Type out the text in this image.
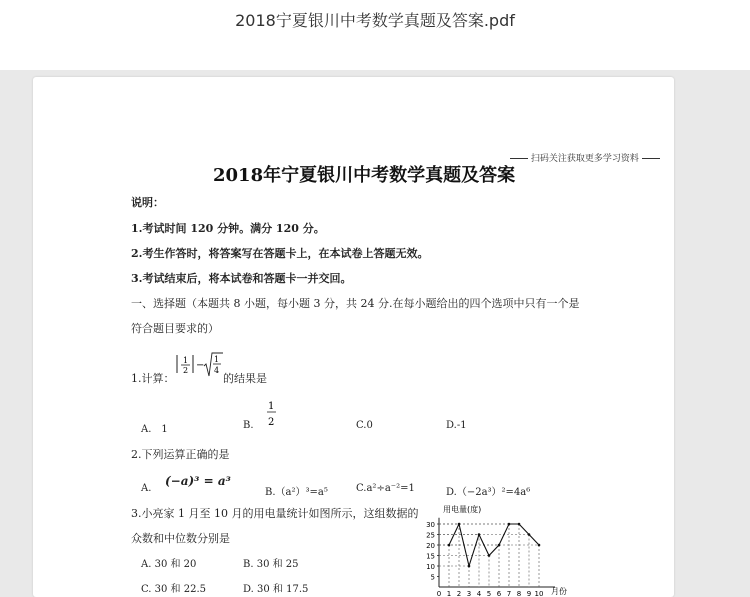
2018宁夏银川中考数学真题及答案.pdf
扫码关注获取更多学习资料
2018年宁夏银川中考数学真题及答案
说明：
1.考试时间 120 分钟。满分 120 分。
2.考生作答时，将答案写在答题卡上，在本试卷上答题无效。
3.考试结束后，将本试卷和答题卡一并交回。
一、选择题（本题共 8 小题，每小题 3 分，共 24 分.在每小题给出的四个选项中只有一个是
符合题目要求的）
1.计算：
1
2 −
1
4
的结果是
A.　1	B.
1
2	C.0	D.-1
2.下列运算正确的是
A.
(−a)³ = a³
B.（a²）³=a⁵	C.a²÷a⁻²=1	D.（−2a³）²=4a⁶
3.小亮家 1 月至 10 月的用电量统计如图所示，这组数据的
众数和中位数分别是
A. 30 和 20	B. 30 和 25
C. 30 和 22.5	D. 30 和 17.5
用电量(度)
月份
5
10
15
20
25
30
0 1 2 3 4 5 6 7 8 9 10
